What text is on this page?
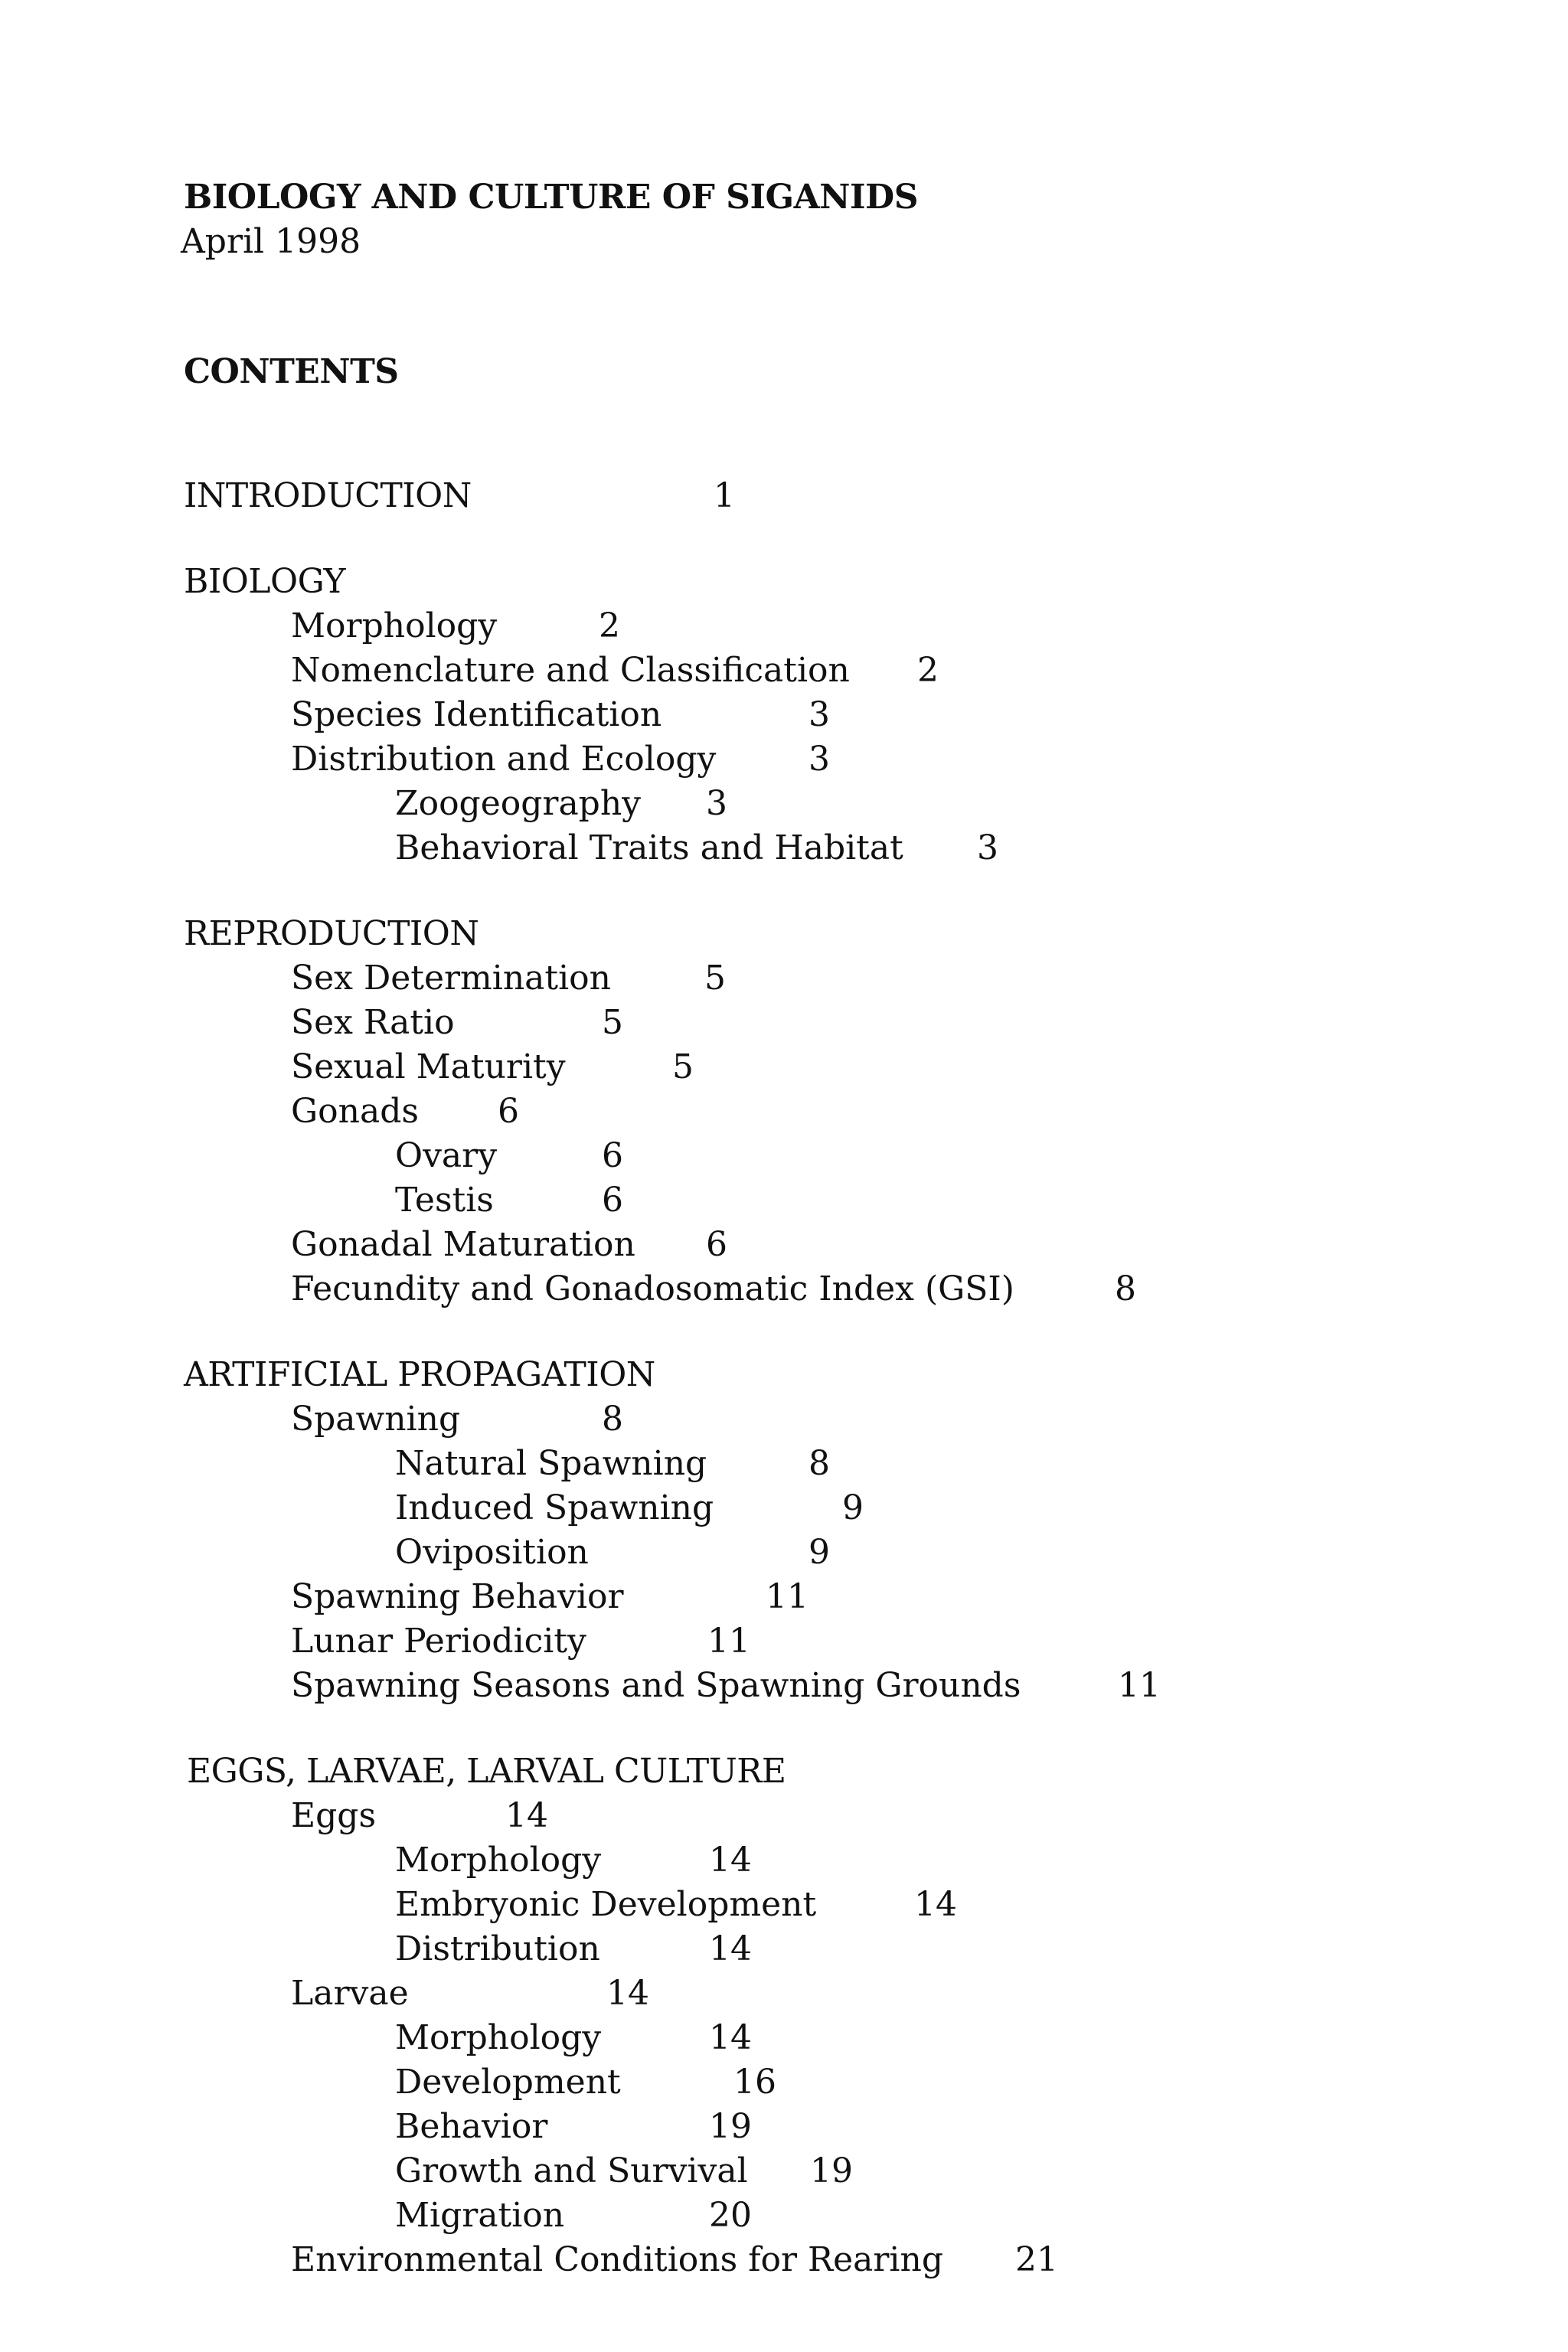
BIOLOGY AND CULTURE OF SIGANIDS
April 1998
CONTENTS
INTRODUCTION	1
BIOLOGY
Morphology	2
Nomenclature and Classification 2
Species Identification	3
Distribution and Ecology	3
Zoogeography 3
Behavioral Traits and Habitat 3
REPRODUCTION
Sex Determination	5
Sex Ratio	5
Sexual Maturity	5
Gonads 6
Ovary	6
Testis	6
Gonadal Maturation 6
Fecundity and Gonadosomatic Index (GSI)	8
ARTIFICIAL PROPAGATION
Spawning	8
Natural Spawning	8
Induced Spawning	9
Oviposition	9
Spawning Behavior	11
Lunar Periodicity	11
Spawning Seasons and Spawning Grounds	11
EGGS, LARVAE, LARVAL CULTURE
Eggs	14
Morphology	14
Embryonic Development	14
Distribution	14
Larvae	14
Morphology	14
Development	16
Behavior	19
Growth and Survival 19
Migration	20
Environmental Conditions for Rearing 21
